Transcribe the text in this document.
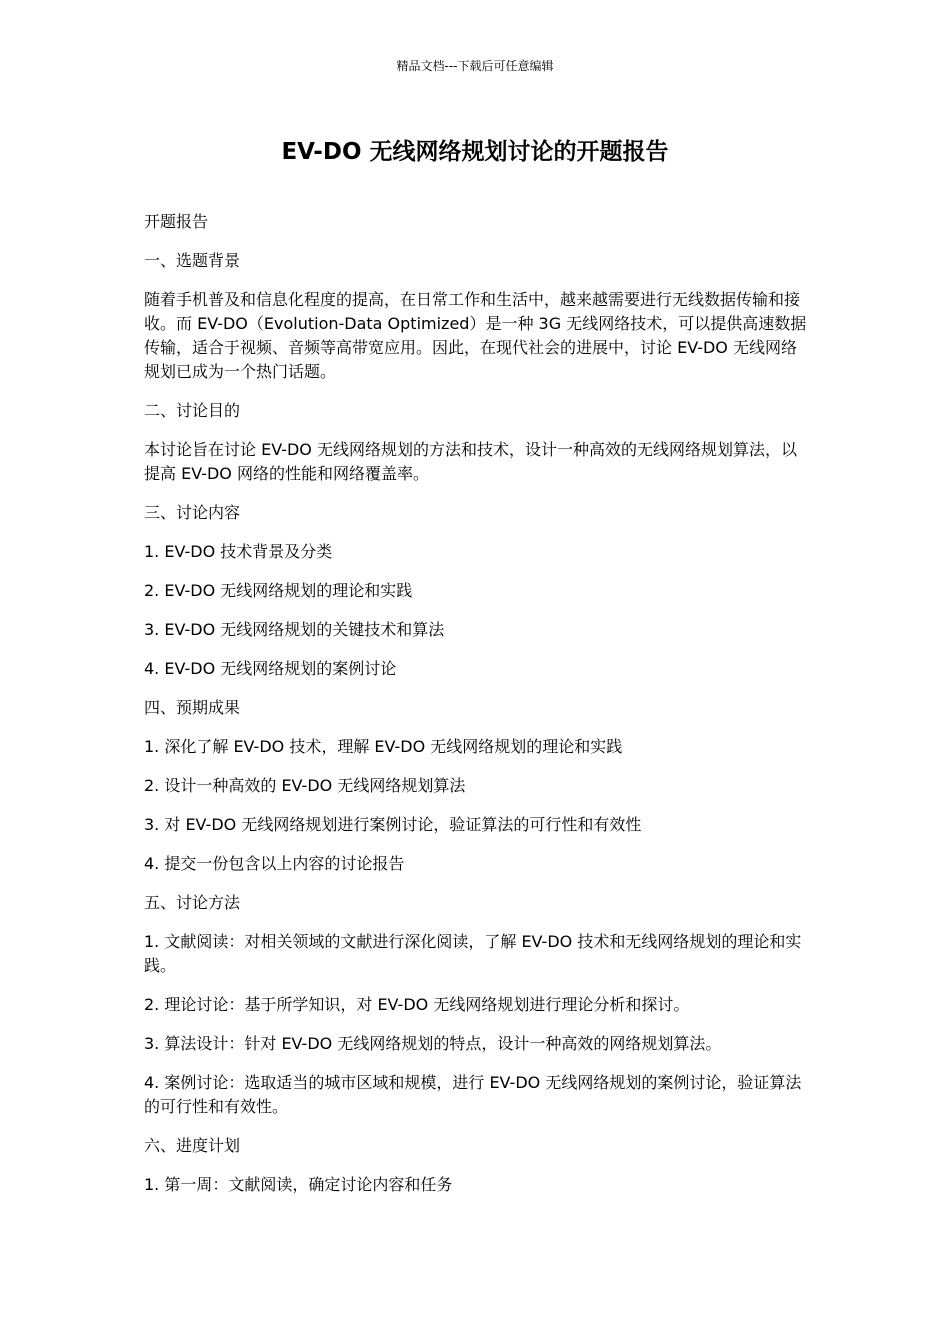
精品文档---下载后可任意编辑
EV-DO 无线网络规划讨论的开题报告

开题报告

一、选题背景

随着手机普及和信息化程度的提高，在日常工作和生活中，越来越需要进行无线数据传输和接收。而 EV-DO（Evolution-Data Optimized）是一种 3G 无线网络技术，可以提供高速数据传输，适合于视频、音频等高带宽应用。因此，在现代社会的进展中，讨论 EV-DO 无线网络规划已成为一个热门话题。

二、讨论目的

本讨论旨在讨论 EV-DO 无线网络规划的方法和技术，设计一种高效的无线网络规划算法，以提高 EV-DO 网络的性能和网络覆盖率。

三、讨论内容

1. EV-DO 技术背景及分类

2. EV-DO 无线网络规划的理论和实践

3. EV-DO 无线网络规划的关键技术和算法

4. EV-DO 无线网络规划的案例讨论

四、预期成果

1. 深化了解 EV-DO 技术，理解 EV-DO 无线网络规划的理论和实践

2. 设计一种高效的 EV-DO 无线网络规划算法

3. 对 EV-DO 无线网络规划进行案例讨论，验证算法的可行性和有效性

4. 提交一份包含以上内容的讨论报告

五、讨论方法

1. 文献阅读：对相关领域的文献进行深化阅读，了解 EV-DO 技术和无线网络规划的理论和实践。

2. 理论讨论：基于所学知识，对 EV-DO 无线网络规划进行理论分析和探讨。

3. 算法设计：针对 EV-DO 无线网络规划的特点，设计一种高效的网络规划算法。

4. 案例讨论：选取适当的城市区域和规模，进行 EV-DO 无线网络规划的案例讨论，验证算法的可行性和有效性。

六、进度计划

1. 第一周：文献阅读，确定讨论内容和任务
